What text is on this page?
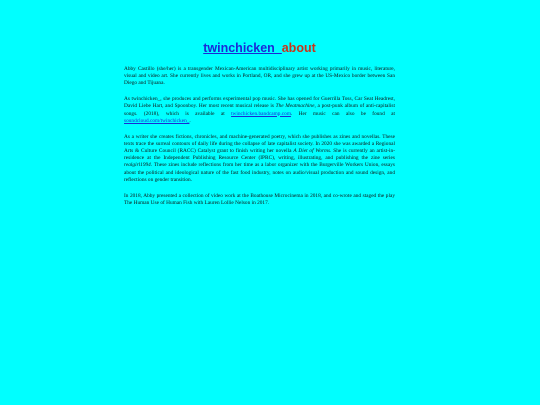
twinchicken_about

Abby Castillo (she/her) is a transgender Mexican-American multidisciplinary artist working primarily in music, literature, visual and video art. She currently lives and works in Portland, OR, and she grew up at the US-Mexico border between San Diego and Tijuana.

As twinchicken_, she produces and performs experimental pop music. She has opened for Guerrilla Toss, Car Seat Headrest, David Liebe Hart, and Spoonboy. Her most recent musical release is The Meatmachine, a post-punk album of anti-capitalist songs. (2018), which is available at twinchicken.bandcamp.com. Her music can also be found at soundcloud.com/twinchicken_.

As a writer she creates fictions, chronicles, and machine-generated poetry, which she publishes as zines and novellas. These texts trace the surreal contours of daily life during the collapse of late capitalist society. In 2020 she was awarded a Regional Arts & Culture Council (RACC) Catalyst grant to finish writing her novella A Diet of Worms. She is currently an artist-in-residence at the Independent Publishing Resource Center (IPRC), writing, illustrating, and publishing the zine series realgirl1994. These zines include reflections from her time as a labor organizer with the Burgerville Workers Union, essays about the political and ideological nature of the fast food industry, notes on audio/visual production and sound design, and reflections on gender transition.

In 2018, Abby presented a collection of video work at the Boathouse Microcinema in 2018, and co-wrote and staged the play The Human Use of Human Fish with Lauren Lollie Nelson in 2017.
